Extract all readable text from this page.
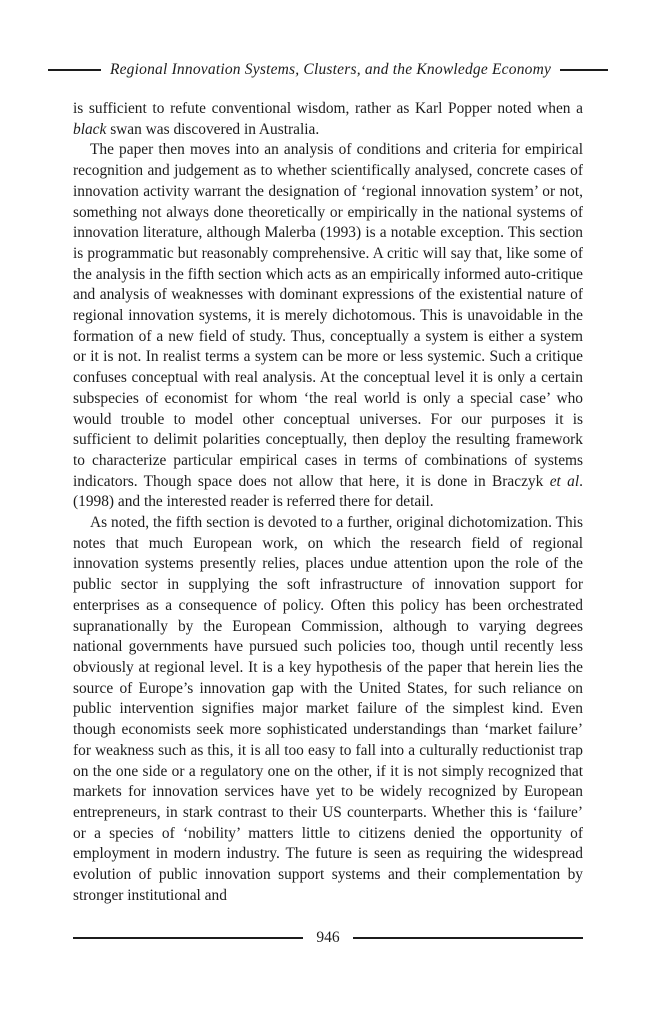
Regional Innovation Systems, Clusters, and the Knowledge Economy

is sufficient to refute conventional wisdom, rather as Karl Popper noted when a black swan was discovered in Australia.

The paper then moves into an analysis of conditions and criteria for empirical recognition and judgement as to whether scientifically analysed, concrete cases of innovation activity warrant the designation of ‘regional innovation system’ or not, something not always done theoretically or empirically in the national systems of innovation literature, although Malerba (1993) is a notable exception. This section is programmatic but reasonably comprehensive. A critic will say that, like some of the analysis in the fifth section which acts as an empirically informed auto-critique and analysis of weaknesses with dominant expressions of the existential nature of regional innovation systems, it is merely dichotomous. This is unavoidable in the formation of a new field of study. Thus, conceptually a system is either a system or it is not. In realist terms a system can be more or less systemic. Such a critique confuses conceptual with real analysis. At the conceptual level it is only a certain subspecies of economist for whom ‘the real world is only a special case’ who would trouble to model other conceptual universes. For our purposes it is sufficient to delimit polarities conceptually, then deploy the resulting framework to characterize particular empirical cases in terms of combinations of systems indicators. Though space does not allow that here, it is done in Braczyk et al. (1998) and the interested reader is referred there for detail.

As noted, the fifth section is devoted to a further, original dichotomization. This notes that much European work, on which the research field of regional innovation systems presently relies, places undue attention upon the role of the public sector in supplying the soft infrastructure of innovation support for enterprises as a consequence of policy. Often this policy has been orchestrated supranationally by the European Commission, although to varying degrees national governments have pursued such policies too, though until recently less obviously at regional level. It is a key hypothesis of the paper that herein lies the source of Europe’s innovation gap with the United States, for such reliance on public intervention signifies major market failure of the simplest kind. Even though economists seek more sophisticated understandings than ‘market failure’ for weakness such as this, it is all too easy to fall into a culturally reductionist trap on the one side or a regulatory one on the other, if it is not simply recognized that markets for innovation services have yet to be widely recognized by European entrepreneurs, in stark contrast to their US counterparts. Whether this is ‘failure’ or a species of ‘nobility’ matters little to citizens denied the opportunity of employment in modern industry. The future is seen as requiring the widespread evolution of public innovation support systems and their complementation by stronger institutional and

946
